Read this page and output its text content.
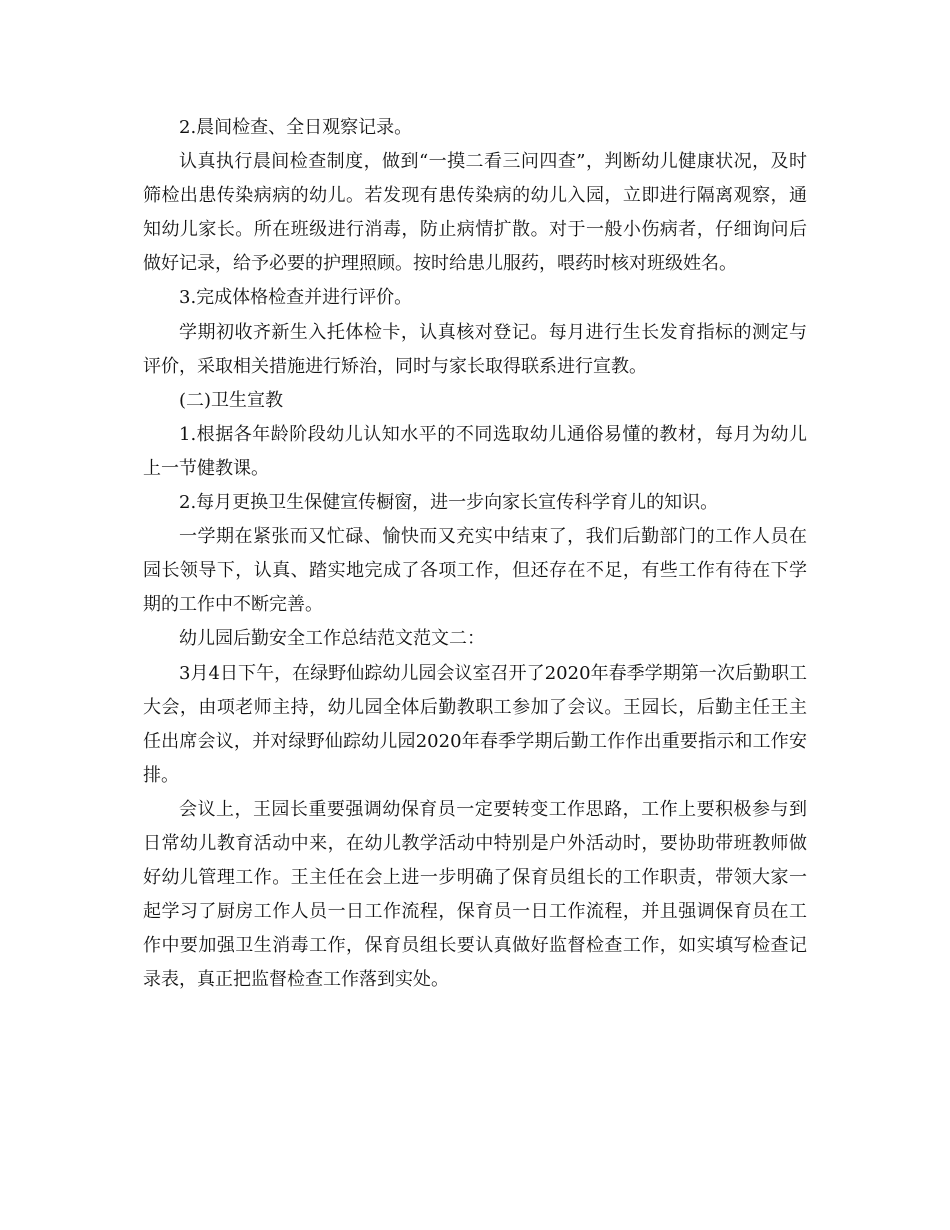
2.晨间检查、全日观察记录。

认真执行晨间检查制度，做到“一摸二看三问四查”，判断幼儿健康状况，及时筛检出患传染病病的幼儿。若发现有患传染病的幼儿入园，立即进行隔离观察，通知幼儿家长。所在班级进行消毒，防止病情扩散。对于一般小伤病者，仔细询问后做好记录，给予必要的护理照顾。按时给患儿服药，喂药时核对班级姓名。

3.完成体格检查并进行评价。

学期初收齐新生入托体检卡，认真核对登记。每月进行生长发育指标的测定与评价，采取相关措施进行矫治，同时与家长取得联系进行宣教。

(二)卫生宣教

1.根据各年龄阶段幼儿认知水平的不同选取幼儿通俗易懂的教材，每月为幼儿上一节健教课。

2.每月更换卫生保健宣传橱窗，进一步向家长宣传科学育儿的知识。

一学期在紧张而又忙碌、愉快而又充实中结束了，我们后勤部门的工作人员在园长领导下，认真、踏实地完成了各项工作，但还存在不足，有些工作有待在下学期的工作中不断完善。

幼儿园后勤安全工作总结范文范文二：

3月4日下午，在绿野仙踪幼儿园会议室召开了2020年春季学期第一次后勤职工大会，由项老师主持，幼儿园全体后勤教职工参加了会议。王园长，后勤主任王主任出席会议，并对绿野仙踪幼儿园2020年春季学期后勤工作作出重要指示和工作安排。

会议上，王园长重要强调幼保育员一定要转变工作思路，工作上要积极参与到日常幼儿教育活动中来，在幼儿教学活动中特别是户外活动时，要协助带班教师做好幼儿管理工作。王主任在会上进一步明确了保育员组长的工作职责，带领大家一起学习了厨房工作人员一日工作流程，保育员一日工作流程，并且强调保育员在工作中要加强卫生消毒工作，保育员组长要认真做好监督检查工作，如实填写检查记录表，真正把监督检查工作落到实处。
